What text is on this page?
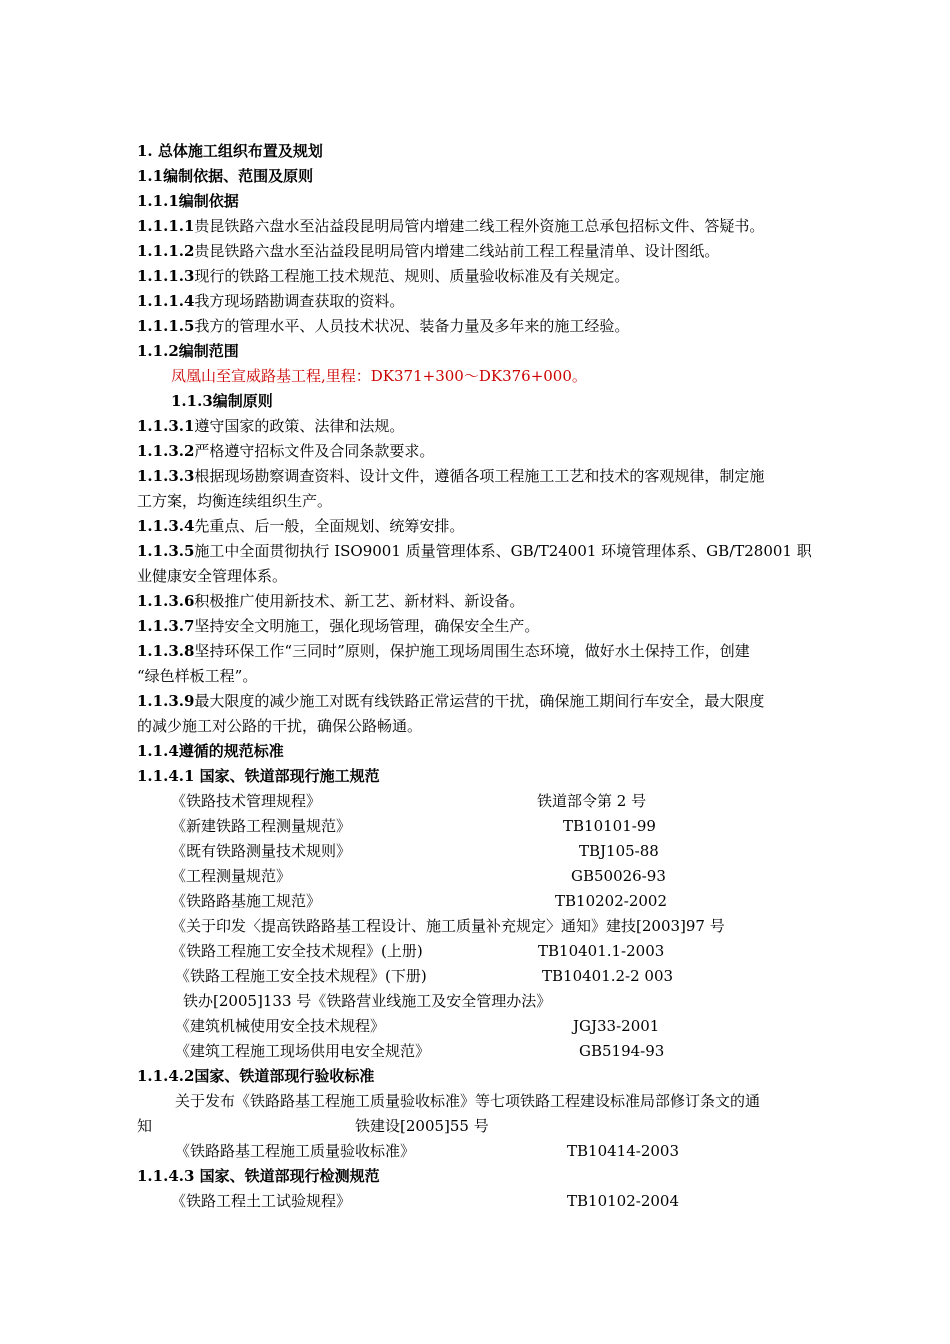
1. 总体施工组织布置及规划
1.1编制依据、范围及原则
1.1.1编制依据
1.1.1.1贵昆铁路六盘水至沾益段昆明局管内增建二线工程外资施工总承包招标文件、答疑书。
1.1.1.2贵昆铁路六盘水至沾益段昆明局管内增建二线站前工程工程量清单、设计图纸。
1.1.1.3现行的铁路工程施工技术规范、规则、质量验收标准及有关规定。
1.1.1.4我方现场踏勘调查获取的资料。
1.1.1.5我方的管理水平、人员技术状况、装备力量及多年来的施工经验。
1.1.2编制范围
凤凰山至宣威路基工程,里程：DK371+300～DK376+000。
1.1.3编制原则
1.1.3.1遵守国家的政策、法律和法规。
1.1.3.2严格遵守招标文件及合同条款要求。
1.1.3.3根据现场勘察调查资料、设计文件，遵循各项工程施工工艺和技术的客观规律，制定施
工方案，均衡连续组织生产。
1.1.3.4先重点、后一般，全面规划、统筹安排。
1.1.3.5施工中全面贯彻执行 ISO9001 质量管理体系、GB/T24001 环境管理体系、GB/T28001 职
业健康安全管理体系。
1.1.3.6积极推广使用新技术、新工艺、新材料、新设备。
1.1.3.7坚持安全文明施工，强化现场管理，确保安全生产。
1.1.3.8坚持环保工作“三同时”原则，保护施工现场周围生态环境，做好水土保持工作，创建
“绿色样板工程”。
1.1.3.9最大限度的减少施工对既有线铁路正常运营的干扰，确保施工期间行车安全，最大限度
的减少施工对公路的干扰，确保公路畅通。
1.1.4遵循的规范标准
1.1.4.1 国家、铁道部现行施工规范
《铁路技术管理规程》	铁道部令第 2 号
《新建铁路工程测量规范》	TB10101-99
《既有铁路测量技术规则》	TBJ105-88
《工程测量规范》	GB50026-93
《铁路路基施工规范》	TB10202-2002
《关于印发〈提高铁路路基工程设计、施工质量补充规定〉通知》建技[2003]97 号
《铁路工程施工安全技术规程》(上册)	TB10401.1-2003
《铁路工程施工安全技术规程》(下册)	TB10401.2-2 003
铁办[2005]133 号《铁路营业线施工及安全管理办法》
《建筑机械使用安全技术规程》	JGJ33-2001
《建筑工程施工现场供用电安全规范》	GB5194-93
1.1.4.2国家、铁道部现行验收标准
关于发布《铁路路基工程施工质量验收标准》等七项铁路工程建设标准局部修订条文的通
知	铁建设[2005]55 号
《铁路路基工程施工质量验收标准》	TB10414-2003
1.1.4.3 国家、铁道部现行检测规范
《铁路工程土工试验规程》	TB10102-2004
